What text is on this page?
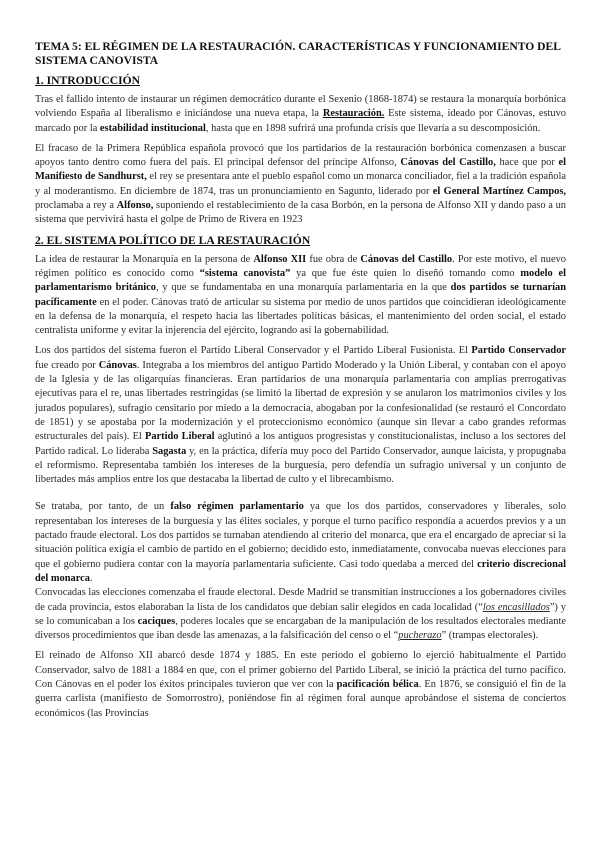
TEMA 5: EL RÉGIMEN DE LA RESTAURACIÓN. CARACTERÍSTICAS Y FUNCIONAMIENTO DEL SISTEMA CANOVISTA
1. INTRODUCCIÓN

Tras el fallido intento de instaurar un régimen democrático durante el Sexenio (1868-1874) se restaura la monarquía borbónica volviendo España al liberalismo e iniciándose una nueva etapa, la Restauración. Este sistema, ideado por Cánovas, estuvo marcado por la estabilidad institucional, hasta que en 1898 sufrirá una profunda crisis que llevaría a su descomposición.

El fracaso de la Primera República española provocó que los partidarios de la restauración borbónica comenzasen a buscar apoyos tanto dentro como fuera del país. El principal defensor del príncipe Alfonso, Cánovas del Castillo, hace que por el Manifiesto de Sandhurst, el rey se presentara ante el pueblo español como un monarca conciliador, fiel a la tradición española y al moderantismo. En diciembre de 1874, tras un pronunciamiento en Sagunto, liderado por el General Martínez Campos, proclamaba a rey a Alfonso, suponiendo el restablecimiento de la casa Borbón, en la persona de Alfonso XII y dando paso a un sistema que pervivirá hasta el golpe de Primo de Rivera en 1923

2. EL SISTEMA POLÍTICO DE LA RESTAURACIÓN

La idea de restaurar la Monarquía en la persona de Alfonso XII fue obra de Cánovas del Castillo. Por este motivo, el nuevo régimen político es conocido como “sistema canovista” ya que fue éste quien lo diseñó tomando como modelo el parlamentarismo británico, y que se fundamentaba en una monarquía parlamentaria en la que dos partidos se turnarían pacíficamente en el poder. Cánovas trató de articular su sistema por medio de unos partidos que coincidieran ideológicamente en la defensa de la monarquía, el respeto hacia las libertades políticas básicas, el mantenimiento del orden social, el estado centralista uniforme y evitar la injerencia del ejército, logrando así la gobernabilidad.

Los dos partidos del sistema fueron el Partido Liberal Conservador y el Partido Liberal Fusionista. El Partido Conservador fue creado por Cánovas. Integraba a los miembros del antiguo Partido Moderado y la Unión Liberal, y contaban con el apoyo de la Iglesia y de las oligarquías financieras. Eran partidarios de una monarquía parlamentaria con amplias prerrogativas ejecutivas para el re, unas libertades restringidas (se limitó la libertad de expresión y se anularon los matrimonios civiles y los jurados populares), sufragio censitario por miedo a la democracia, abogaban por la confesionalidad (se restauró el Concordato de 1851) y se apostaba por la modernización y el proteccionismo económico (aunque sin llevar a cabo grandes reformas estructurales del país). El Partido Liberal aglutinó a los antiguos progresistas y constitucionalistas, incluso a los sectores del Partido radical. Lo lideraba Sagasta y, en la práctica, difería muy poco del Partido Conservador, aunque laicista, y propugnaba el reformismo. Representaba también los intereses de la burguesía, pero defendía un sufragio universal y un conjunto de libertades más amplios entre los que destacaba la libertad de culto y el librecambismo.

Se trataba, por tanto, de un falso régimen parlamentario ya que los dos partidos, conservadores y liberales, solo representaban los intereses de la burguesía y las élites sociales, y porque el turno pacífico respondía a acuerdos previos y a un pactado fraude electoral. Los dos partidos se turnaban atendiendo al criterio del monarca, que era el encargado de apreciar si la situación política exigía el cambio de partido en el gobierno; decidido esto, inmediatamente, convocaba nuevas elecciones para que el gobierno pudiera contar con la mayoría parlamentaria suficiente. Casi todo quedaba a merced del criterio discrecional del monarca.

Convocadas las elecciones comenzaba el fraude electoral. Desde Madrid se transmitían instrucciones a los gobernadores civiles de cada provincia, estos elaboraban la lista de los candidatos que debían salir elegidos en cada localidad (“los encasillados”) y se lo comunicaban a los caciques, poderes locales que se encargaban de la manipulación de los resultados electorales mediante diversos procedimientos que iban desde las amenazas, a la falsificación del censo o el “pucherazo” (trampas electorales).

El reinado de Alfonso XII abarcó desde 1874 y 1885. En este periodo el gobierno lo ejerció habitualmente el Partido Conservador, salvo de 1881 a 1884 en que, con el primer gobierno del Partido Liberal, se inició la práctica del turno pacífico. Con Cánovas en el poder los éxitos principales tuvieron que ver con la pacificación bélica. En 1876, se consiguió el fin de la guerra carlista (manifiesto de Somorrostro), poniéndose fin al régimen foral aunque aprobándose el sistema de conciertos económicos (las Provincias
